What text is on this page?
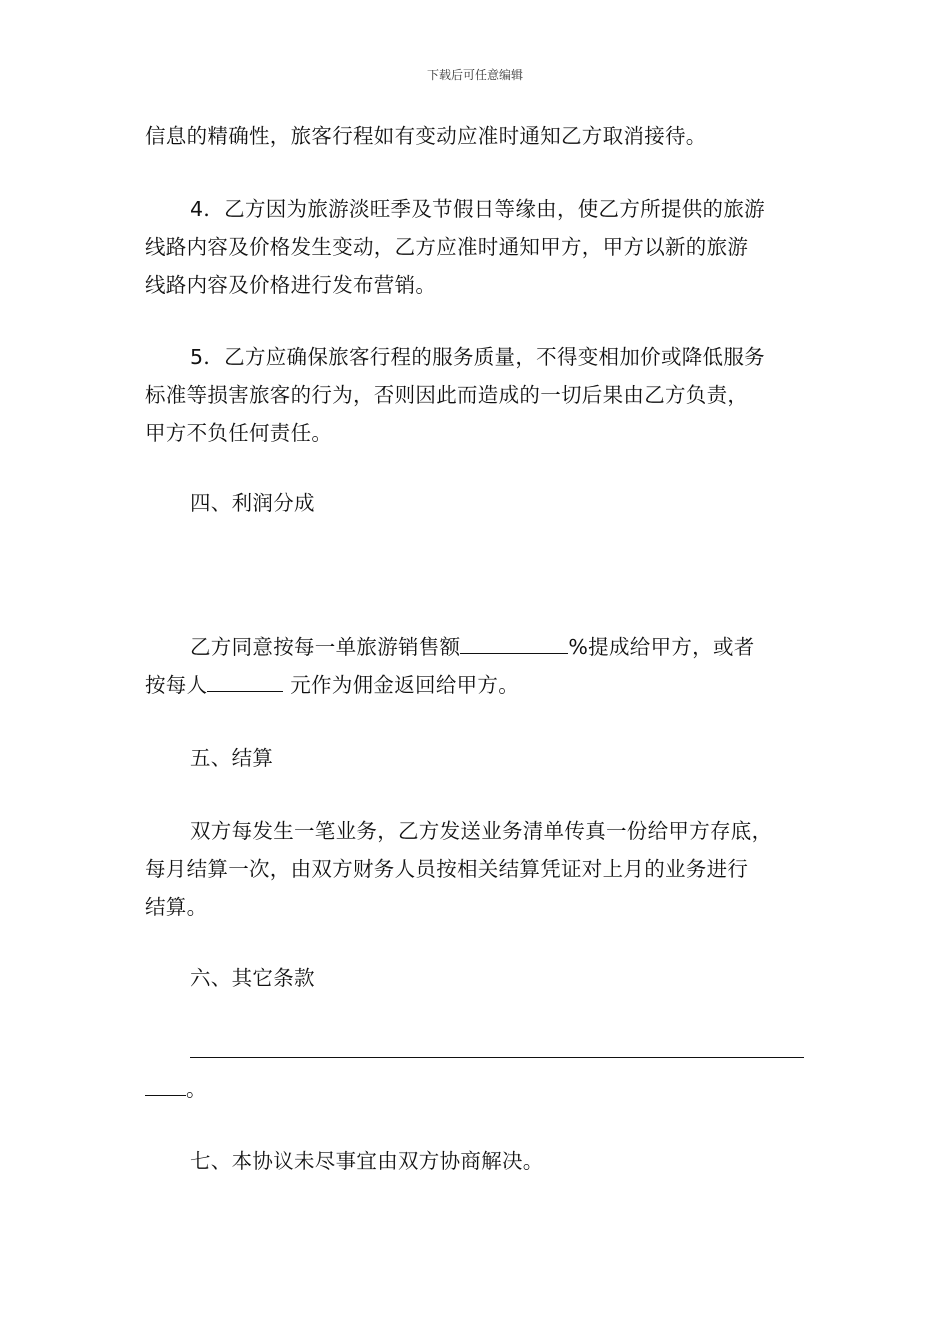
下载后可任意编辑
信息的精确性，旅客行程如有变动应准时通知乙方取消接待。
4．乙方因为旅游淡旺季及节假日等缘由，使乙方所提供的旅游
线路内容及价格发生变动，乙方应准时通知甲方，甲方以新的旅游
线路内容及价格进行发布营销。
5．乙方应确保旅客行程的服务质量，不得变相加价或降低服务
标准等损害旅客的行为，否则因此而造成的一切后果由乙方负责，
甲方不负任何责任。
四、利润分成
乙方同意按每一单旅游销售额	%提成给甲方，或者
按每人	元作为佣金返回给甲方。
五、结算
双方每发生一笔业务，乙方发送业务清单传真一份给甲方存底，
每月结算一次，由双方财务人员按相关结算凭证对上月的业务进行
结算。
六、其它条款
。
七、本协议未尽事宜由双方协商解决。
